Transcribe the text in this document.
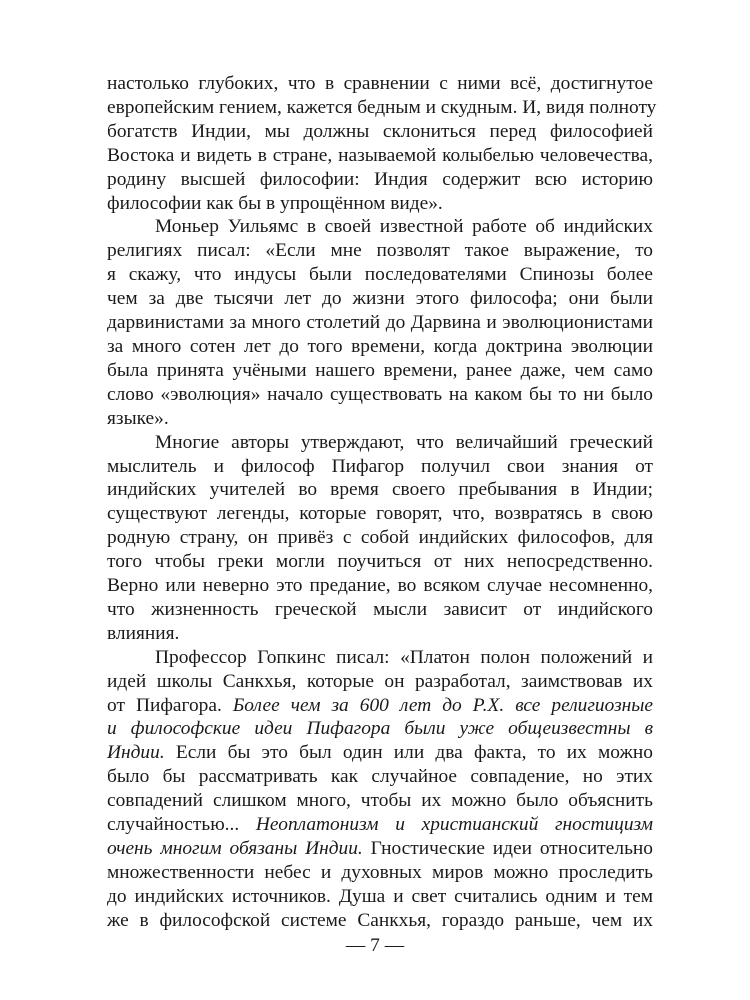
настолько глубоких, что в сравнении с ними всё, достигнутое
европейским гением, кажется бедным и скудным. И, видя полноту
богатств Индии, мы должны склониться перед философией
Востока и видеть в стране, называемой колыбелью человечества,
родину высшей философии: Индия содержит всю историю
философии как бы в упрощённом виде».
Моньер Уильямс в своей известной работе об индийских
религиях писал: «Если мне позволят такое выражение, то
я скажу, что индусы были последователями Спинозы более
чем за две тысячи лет до жизни этого философа; они были
дарвинистами за много столетий до Дарвина и эволюционистами
за много сотен лет до того времени, когда доктрина эволюции
была принята учёными нашего времени, ранее даже, чем само
слово «эволюция» начало существовать на каком бы то ни было
языке».
Многие авторы утверждают, что величайший греческий
мыслитель и философ Пифагор получил свои знания от
индийских учителей во время своего пребывания в Индии;
существуют легенды, которые говорят, что, возвратясь в свою
родную страну, он привёз с собой индийских философов, для
того чтобы греки могли поучиться от них непосредственно.
Верно или неверно это предание, во всяком случае несомненно,
что жизненность греческой мысли зависит от индийского
влияния.
Профессор Гопкинс писал: «Платон полон положений и
идей школы Санкхья, которые он разработал, заимствовав их
от Пифагора. Более чем за 600 лет до Р.Х. все религиозные
и философские идеи Пифагора были уже общеизвестны в
Индии. Если бы это был один или два факта, то их можно
было бы рассматривать как случайное совпадение, но этих
совпадений слишком много, чтобы их можно было объяснить
случайностью... Неоплатонизм и христианский гностицизм
очень многим обязаны Индии. Гностические идеи относительно
множественности небес и духовных миров можно проследить
до индийских источников. Душа и свет считались одним и тем
же в философской системе Санкхья, гораздо раньше, чем их
— 7 —
